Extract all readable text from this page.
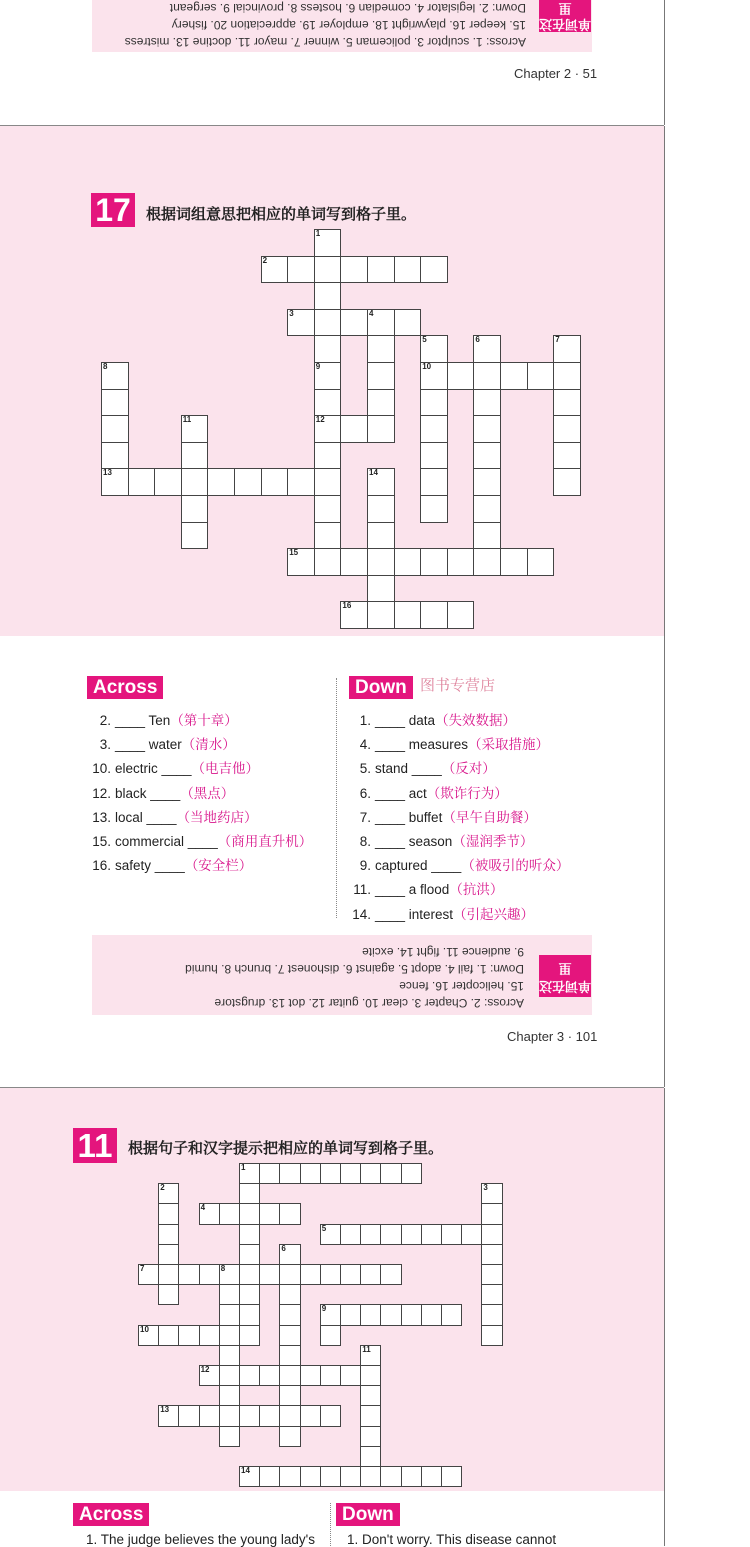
Across: 1. sculptor 3. policeman 5. winner 7. mayor 11. doctine 13. mistress
15. keeper 16. playwright 18. employer 19. appreciation 20. fishery
Down: 2. legislator 4. comedian 6. hostess 8. provincial 9. sergeant
单词在这里
Chapter 2 · 51
17 根据词组意思把相应的单词写到格子里。
1
2
3	4
5	6	7
8	9	10
11	12
13	14
15
16
Across	Down 图书专营店
2.____ Ten（第十章）
3.____ water（清水）
10.electric ____（电吉他）
12.black ____（黑点）
13.local ____（当地药店）
15.commercial ____（商用直升机）
16.safety ____（安全栏）
1.____ data（失效数据）
4.____ measures（采取措施）
5.stand ____（反对）
6.____ act（欺诈行为）
7.____ buffet（早午自助餐）
8.____ season（湿润季节）
9.captured ____（被吸引的听众）
11.____ a flood（抗洪）
14.____ interest（引起兴趣）
Across: 2. Chapter 3. clear 10. guitar 12. dot 13. drugstore
15. helicopter 16. fence
Down: 1. fail 4. adopt 5. against 6. dishonest 7. brunch 8. humid
9. audience 11. fight 14. excite
单词在这里
Chapter 3 · 101
11	根据句子和汉字提示把相应的单词写到格子里。
1
2	3
4
5
6
7	8
9
10
11
12
13
14
Across	Down
1. The judge believes the young lady's 1. Don't worry. This disease cannot
